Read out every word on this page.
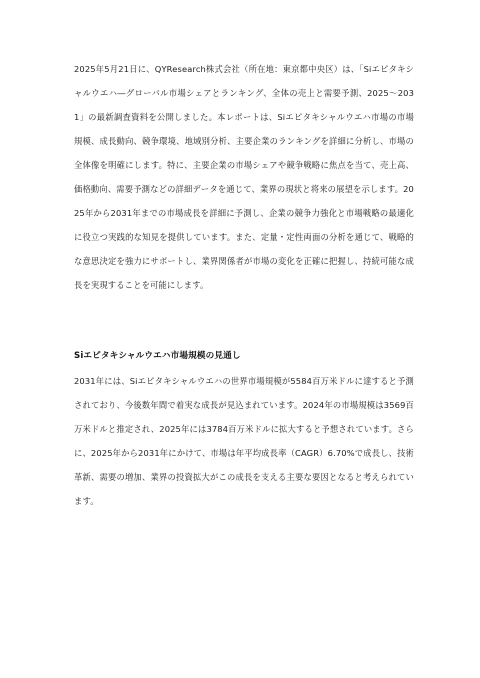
2025年5月21日に、QYResearch株式会社（所在地：東京都中央区）は、「Siエピタキシャルウエハ―グローバル市場シェアとランキング、全体の売上と需要予測、2025～2031」の最新調査資料を公開しました。本レポートは、Siエピタキシャルウエハ市場の市場規模、成長動向、競争環境、地域別分析、主要企業のランキングを詳細に分析し、市場の全体像を明確にします。特に、主要企業の市場シェアや競争戦略に焦点を当て、売上高、価格動向、需要予測などの詳細データを通じて、業界の現状と将来の展望を示します。2025年から2031年までの市場成長を詳細に予測し、企業の競争力強化と市場戦略の最適化に役立つ実践的な知見を提供しています。また、定量・定性両面の分析を通じて、戦略的な意思決定を強力にサポートし、業界関係者が市場の変化を正確に把握し、持続可能な成長を実現することを可能にします。

Siエピタキシャルウエハ市場規模の見通し

2031年には、Siエピタキシャルウエハの世界市場規模が5584百万米ドルに達すると予測されており、今後数年間で着実な成長が見込まれています。2024年の市場規模は3569百万米ドルと推定され、2025年には3784百万米ドルに拡大すると予想されています。さらに、2025年から2031年にかけて、市場は年平均成長率（CAGR）6.70%で成長し、技術革新、需要の増加、業界の投資拡大がこの成長を支える主要な要因となると考えられています。
